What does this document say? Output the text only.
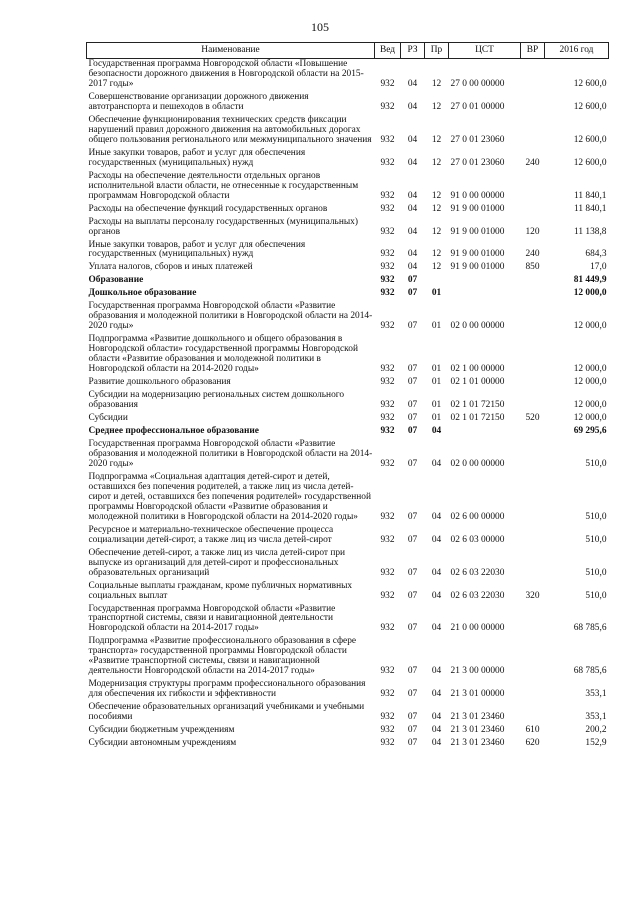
105
Наименование	Вед	РЗ	Пр	ЦСТ	ВР	2016 год
Государственная программа Новгородской области «Повышение безопасности дорожного движения в Новгородской области на 2015-2017 годы»	932	04	12	27 0 00 00000		12 600,0
Совершенствование организации дорожного движения автотранспорта и пешеходов в области	932	04	12	27 0 01 00000		12 600,0
Обеспечение функционирования технических средств фиксации нарушений правил дорожного движения на автомобильных дорогах общего пользования регионального или межмуниципального значения	932	04	12	27 0 01 23060		12 600,0
Иные закупки товаров, работ и услуг для обеспечения государственных (муниципальных) нужд	932	04	12	27 0 01 23060	240	12 600,0
Расходы на обеспечение деятельности отдельных органов исполнительной власти области, не отнесенные к государственным программам Новгородской области	932	04	12	91 0 00 00000		11 840,1
Расходы на обеспечение функций государственных органов	932	04	12	91 9 00 01000		11 840,1
Расходы на выплаты персоналу государственных (муниципальных) органов	932	04	12	91 9 00 01000	120	11 138,8
Иные закупки товаров, работ и услуг для обеспечения государственных (муниципальных) нужд	932	04	12	91 9 00 01000	240	684,3
Уплата налогов, сборов и иных платежей	932	04	12	91 9 00 01000	850	17,0
Образование	932	07				81 449,9
Дошкольное образование	932	07	01			12 000,0
Государственная программа Новгородской области «Развитие образования и молодежной политики в Новгородской области на 2014-2020 годы»	932	07	01	02 0 00 00000		12 000,0
Подпрограмма «Развитие дошкольного и общего образования в Новгородской области» государственной программы Новгородской области «Развитие образования и молодежной политики в Новгородской области на 2014-2020 годы»	932	07	01	02 1 00 00000		12 000,0
Развитие дошкольного образования	932	07	01	02 1 01 00000		12 000,0
Субсидии на модернизацию региональных систем дошкольного образования	932	07	01	02 1 01 72150		12 000,0
Субсидии	932	07	01	02 1 01 72150	520	12 000,0
Среднее профессиональное образование	932	07	04			69 295,6
Государственная программа Новгородской области «Развитие образования и молодежной политики в Новгородской области на 2014-2020 годы»	932	07	04	02 0 00 00000		510,0
Подпрограмма «Социальная адаптация детей-сирот и детей, оставшихся без попечения родителей, а также лиц из числа детей-сирот и детей, оставшихся без попечения родителей» государственной программы Новгородской области «Развитие образования и молодежной политики в Новгородской области на 2014-2020 годы»	932	07	04	02 6 00 00000		510,0
Ресурсное и материально-техническое обеспечение процесса социализации детей-сирот, а также лиц из числа детей-сирот	932	07	04	02 6 03 00000		510,0
Обеспечение детей-сирот, а также лиц из числа детей-сирот при выпуске из организаций для детей-сирот и профессиональных образовательных организаций	932	07	04	02 6 03 22030		510,0
Социальные выплаты гражданам, кроме публичных нормативных социальных выплат	932	07	04	02 6 03 22030	320	510,0
Государственная программа Новгородской области «Развитие транспортной системы, связи и навигационной деятельности Новгородской области на 2014-2017 годы»	932	07	04	21 0 00 00000		68 785,6
Подпрограмма «Развитие профессионального образования в сфере транспорта» государственной программы Новгородской области «Развитие транспортной системы, связи и навигационной деятельности Новгородской области на 2014-2017 годы»	932	07	04	21 3 00 00000		68 785,6
Модернизация структуры программ профессионального образования для обеспечения их гибкости и эффективности	932	07	04	21 3 01 00000		353,1
Обеспечение образовательных организаций учебниками и учебными пособиями	932	07	04	21 3 01 23460		353,1
Субсидии бюджетным учреждениям	932	07	04	21 3 01 23460	610	200,2
Субсидии автономным учреждениям	932	07	04	21 3 01 23460	620	152,9
